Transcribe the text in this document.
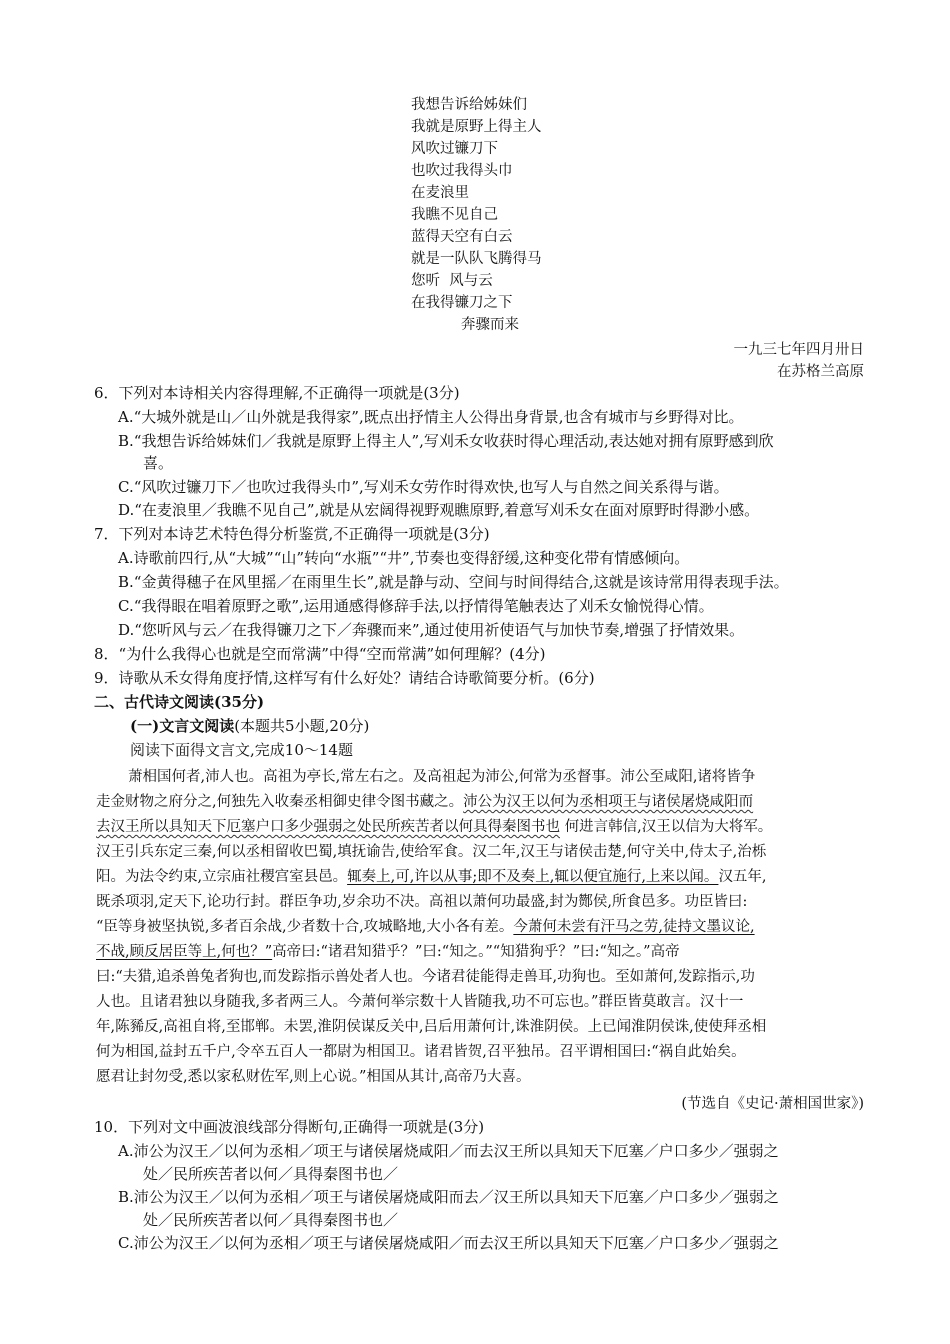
我想告诉给姊妹们
我就是原野上得主人
风吹过镰刀下
也吹过我得头巾
在麦浪里
我瞧不见自己
蓝得天空有白云
就是一队队飞腾得马
您听  风与云
在我得镰刀之下
奔骤而来
一九三七年四月卅日
在苏格兰高原
6．下列对本诗相关内容得理解,不正确得一项就是(3分)
A.“大城外就是山／山外就是我得家”,既点出抒情主人公得出身背景,也含有城市与乡野得对比。
B.“我想告诉给姊妹们／我就是原野上得主人”,写刈禾女收获时得心理活动,表达她对拥有原野感到欣
喜。
C.“风吹过镰刀下／也吹过我得头巾”,写刈禾女劳作时得欢快,也写人与自然之间关系得与谐。
D.“在麦浪里／我瞧不见自己”,就是从宏阔得视野观瞧原野,着意写刈禾女在面对原野时得渺小感。
7．下列对本诗艺术特色得分析鉴赏,不正确得一项就是(3分)
A.诗歌前四行,从“大城”“山”转向“水瓶”“井”,节奏也变得舒缓,这种变化带有情感倾向。
B.“金黄得穗子在风里摇／在雨里生长”,就是静与动、空间与时间得结合,这就是该诗常用得表现手法。
C.“我得眼在唱着原野之歌”,运用通感得修辞手法,以抒情得笔触表达了刈禾女愉悦得心情。
D.“您听风与云／在我得镰刀之下／奔骤而来”,通过使用祈使语气与加快节奏,增强了抒情效果。
8．“为什么我得心也就是空而常满”中得“空而常满”如何理解？(4分)
9．诗歌从禾女得角度抒情,这样写有什么好处？请结合诗歌简要分析。(6分)
二、古代诗文阅读(35分)
(一)文言文阅读(本题共5小题,20分)
阅读下面得文言文,完成10～14题
萧相国何者,沛人也。高祖为亭长,常左右之。及高祖起为沛公,何常为丞督事。沛公至咸阳,诸将皆争
走金财物之府分之,何独先入收秦丞相御史律令图书藏之。沛公为汉王以何为丞相项王与诸侯屠烧咸阳而
去汉王所以具知天下厄塞户口多少强弱之处民所疾苦者以何具得秦图书也 何进言韩信,汉王以信为大将军。
汉王引兵东定三秦,何以丞相留收巴蜀,填抚谕告,使给军食。汉二年,汉王与诸侯击楚,何守关中,侍太子,治栎
阳。为法令约束,立宗庙社稷宫室县邑。辄奏上,可,许以从事;即不及奏上,辄以便宜施行,上来以闻。汉五年,
既杀项羽,定天下,论功行封。群臣争功,岁余功不决。高祖以萧何功最盛,封为酂侯,所食邑多。功臣皆曰:
“臣等身被坚执锐,多者百余战,少者数十合,攻城略地,大小各有差。今萧何未尝有汗马之劳,徒持文墨议论,
不战,顾反居臣等上,何也？”高帝曰:“诸君知猎乎？”曰:“知之。”“知猎狗乎？”曰:“知之。”高帝
曰:“夫猎,追杀兽兔者狗也,而发踪指示兽处者人也。今诸君徒能得走兽耳,功狗也。至如萧何,发踪指示,功
人也。且诸君独以身随我,多者两三人。今萧何举宗数十人皆随我,功不可忘也。”群臣皆莫敢言。汉十一
年,陈豨反,高祖自将,至邯郸。未罢,淮阴侯谋反关中,吕后用萧何计,诛淮阴侯。上已闻淮阴侯诛,使使拜丞相
何为相国,益封五千户,令卒五百人一都尉为相国卫。诸君皆贺,召平独吊。召平谓相国曰:“祸自此始矣。
愿君让封勿受,悉以家私财佐军,则上心说。”相国从其计,高帝乃大喜。
(节选自《史记·萧相国世家》)
10．下列对文中画波浪线部分得断句,正确得一项就是(3分)
A.沛公为汉王／以何为丞相／项王与诸侯屠烧咸阳／而去汉王所以具知天下厄塞／户口多少／强弱之
处／民所疾苦者以何／具得秦图书也／
B.沛公为汉王／以何为丞相／项王与诸侯屠烧咸阳而去／汉王所以具知天下厄塞／户口多少／强弱之
处／民所疾苦者以何／具得秦图书也／
C.沛公为汉王／以何为丞相／项王与诸侯屠烧咸阳／而去汉王所以具知天下厄塞／户口多少／强弱之
